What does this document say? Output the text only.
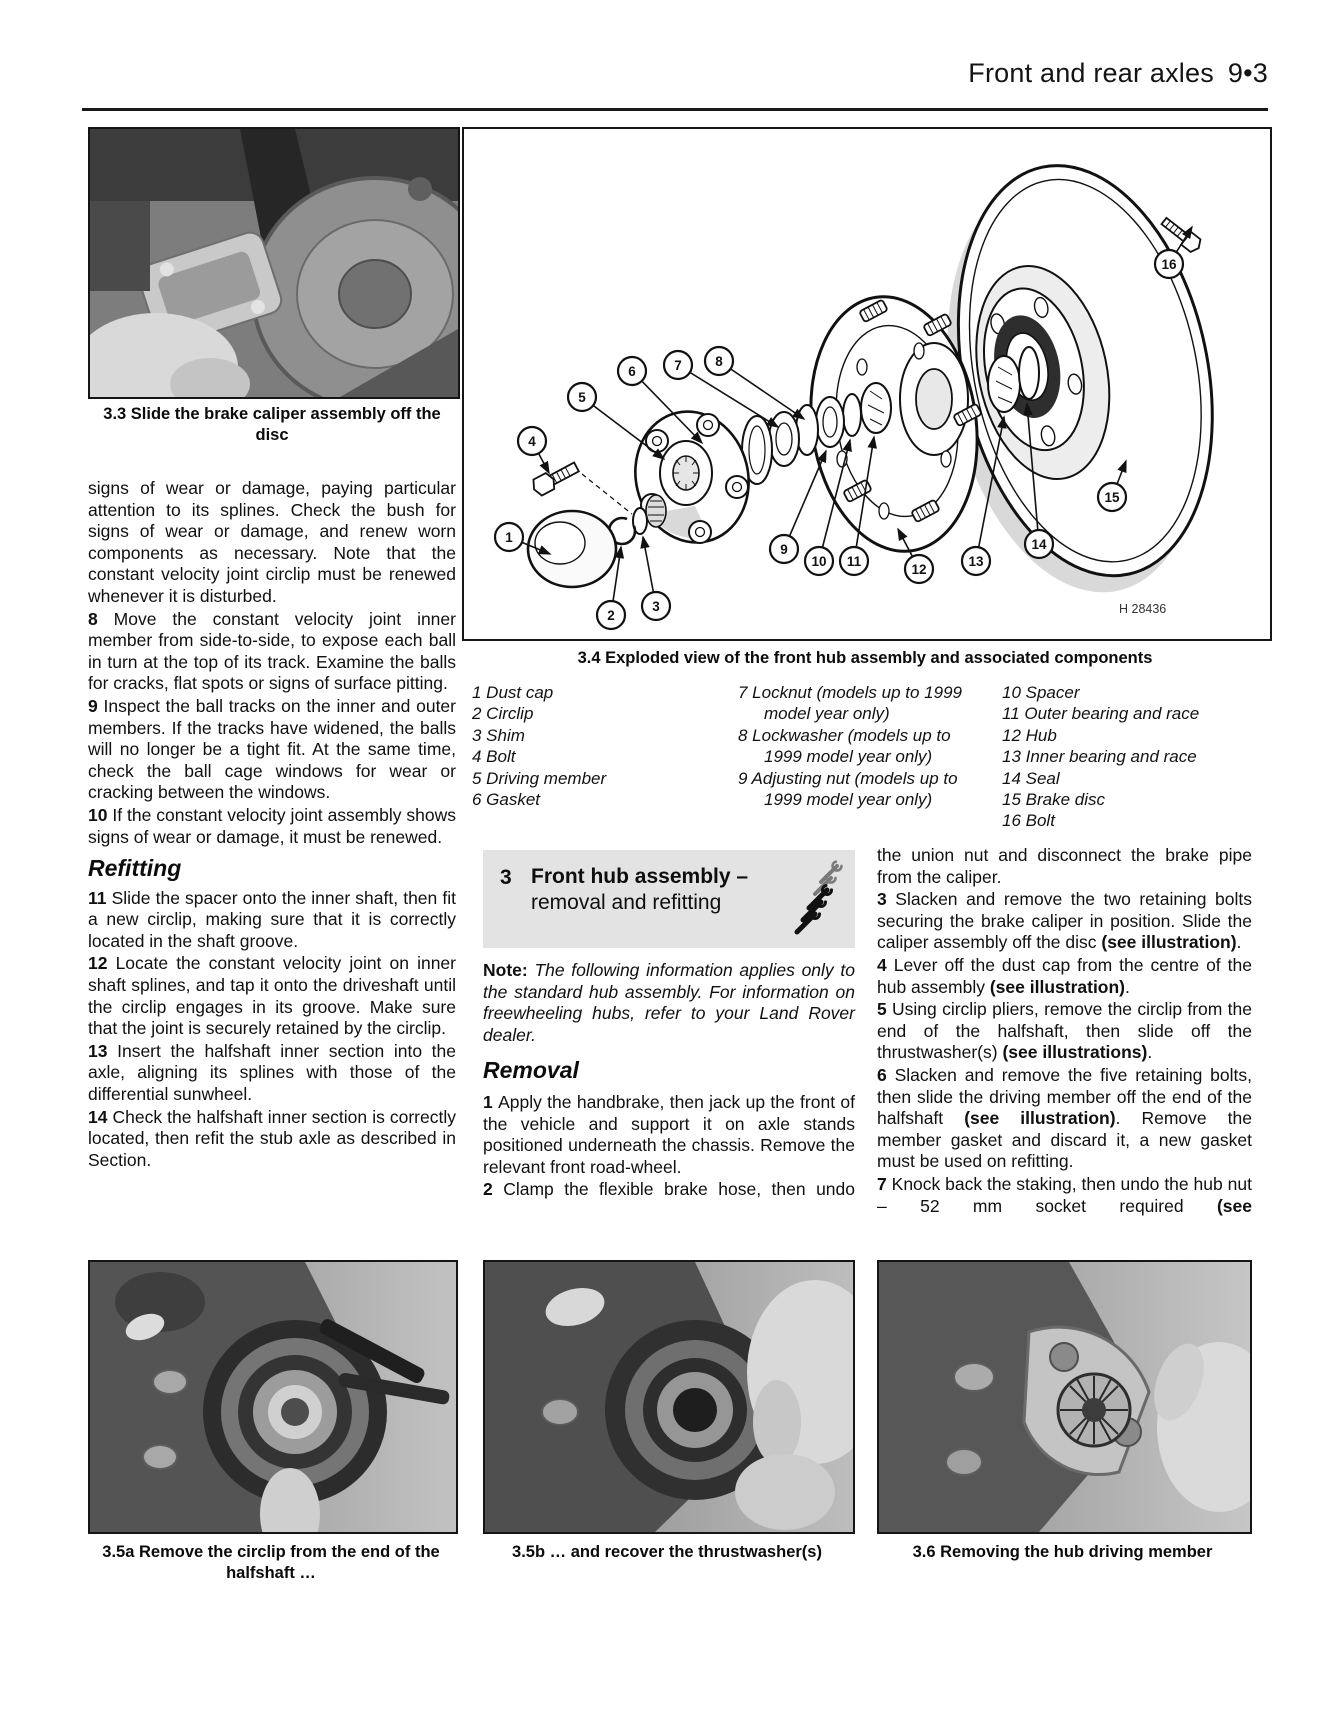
Front and rear axles 9•3
3.3 Slide the brake caliper assembly off the disc

signs of wear or damage, paying particular attention to its splines. Check the bush for signs of wear or damage, and renew worn components as necessary. Note that the constant velocity joint circlip must be renewed whenever it is disturbed.

8 Move the constant velocity joint inner member from side-to-side, to expose each ball in turn at the top of its track. Examine the balls for cracks, flat spots or signs of surface pitting.

9 Inspect the ball tracks on the inner and outer members. If the tracks have widened, the balls will no longer be a tight fit. At the same time, check the ball cage windows for wear or cracking between the windows.

10 If the constant velocity joint assembly shows signs of wear or damage, it must be renewed.

Refitting

11 Slide the spacer onto the inner shaft, then fit a new circlip, making sure that it is correctly located in the shaft groove.

12 Locate the constant velocity joint on inner shaft splines, and tap it onto the driveshaft until the circlip engages in its groove. Make sure that the joint is securely retained by the circlip.

13 Insert the halfshaft inner section into the axle, aligning its splines with those of the differential sunwheel.

14 Check the halfshaft inner section is correctly located, then refit the stub axle as described in Section.

1
2
3
4
5
6	7 8
9
10 11
12
13
14
15
16
H 28436
3.4 Exploded view of the front hub assembly and associated components
1 Dust cap
2 Circlip
3 Shim
4 Bolt
5 Driving member
6 Gasket
7 Locknut (models up to 1999 model year only)
8 Lockwasher (models up to 1999 model year only)
9 Adjusting nut (models up to 1999 model year only)
10 Spacer
11 Outer bearing and race
12 Hub
13 Inner bearing and race
14 Seal
15 Brake disc
16 Bolt
3 Front hub assembly –
removal and refitting

Note: The following information applies only to the standard hub assembly. For information on freewheeling hubs, refer to your Land Rover dealer.

Removal

1 Apply the handbrake, then jack up the front of the vehicle and support it on axle stands positioned underneath the chassis. Remove the relevant front road-wheel.

2 Clamp the flexible brake hose, then undo

the union nut and disconnect the brake pipe from the caliper.

3 Slacken and remove the two retaining bolts securing the brake caliper in position. Slide the caliper assembly off the disc (see illustration).

4 Lever off the dust cap from the centre of the hub assembly (see illustration).

5 Using circlip pliers, remove the circlip from the end of the halfshaft, then slide off the thrustwasher(s) (see illustrations).

6 Slacken and remove the five retaining bolts, then slide the driving member off the end of the halfshaft (see illustration). Remove the member gasket and discard it, a new gasket must be used on refitting.

7 Knock back the staking, then undo the hub nut – 52 mm socket required (see

3.5a Remove the circlip from the end of the halfshaft …
3.5b … and recover the thrustwasher(s)	3.6 Removing the hub driving member
